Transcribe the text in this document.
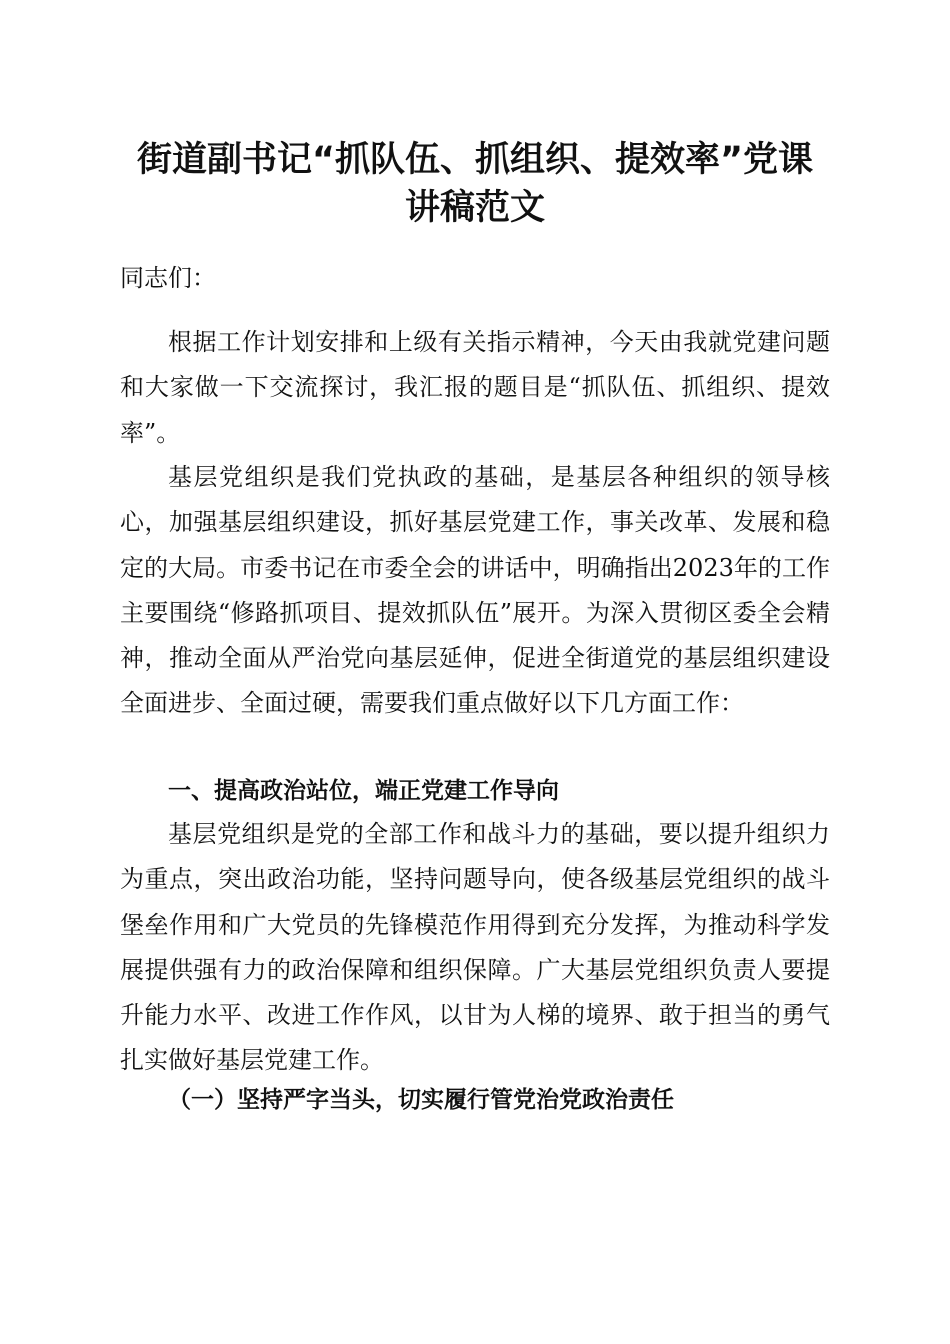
街道副书记“抓队伍、抓组织、提效率”党课
讲稿范文
同志们：
根据工作计划安排和上级有关指示精神，今天由我就党建问题和大家做一下交流探讨，我汇报的题目是“抓队伍、抓组织、提效率”。
基层党组织是我们党执政的基础，是基层各种组织的领导核心，加强基层组织建设，抓好基层党建工作，事关改革、发展和稳定的大局。市委书记在市委全会的讲话中，明确指出2023年的工作主要围绕“修路抓项目、提效抓队伍”展开。为深入贯彻区委全会精神，推动全面从严治党向基层延伸，促进全街道党的基层组织建设全面进步、全面过硬，需要我们重点做好以下几方面工作：
一、提高政治站位，端正党建工作导向
基层党组织是党的全部工作和战斗力的基础，要以提升组织力为重点，突出政治功能，坚持问题导向，使各级基层党组织的战斗堡垒作用和广大党员的先锋模范作用得到充分发挥，为推动科学发展提供强有力的政治保障和组织保障。广大基层党组织负责人要提升能力水平、改进工作作风，以甘为人梯的境界、敢于担当的勇气扎实做好基层党建工作。
（一）坚持严字当头，切实履行管党治党政治责任
